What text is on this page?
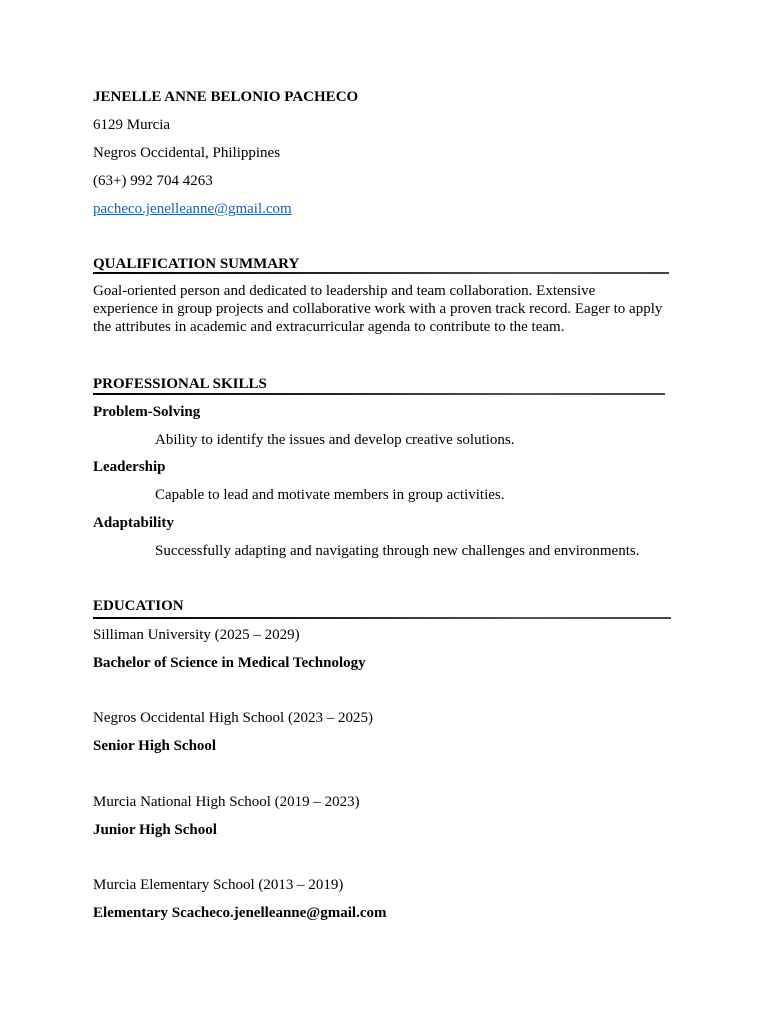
JENELLE ANNE BELONIO PACHECO
6129 Murcia
Negros Occidental, Philippines
(63+) 992 704 4263
pacheco.jenelleanne@gmail.com
QUALIFICATION SUMMARY
Goal-oriented person and dedicated to leadership and team collaboration. Extensive experience in group projects and collaborative work with a proven track record. Eager to apply the attributes in academic and extracurricular agenda to contribute to the team.
PROFESSIONAL SKILLS
Problem-Solving
Ability to identify the issues and develop creative solutions.
Leadership
Capable to lead and motivate members in group activities.
Adaptability
Successfully adapting and navigating through new challenges and environments.
EDUCATION
Silliman University (2025 – 2029)
Bachelor of Science in Medical Technology
Negros Occidental High School (2023 – 2025)
Senior High School
Murcia National High School (2019 – 2023)
Junior High School
Murcia Elementary School (2013 – 2019)
Elementary Scacheco.jenelleanne@gmail.com
